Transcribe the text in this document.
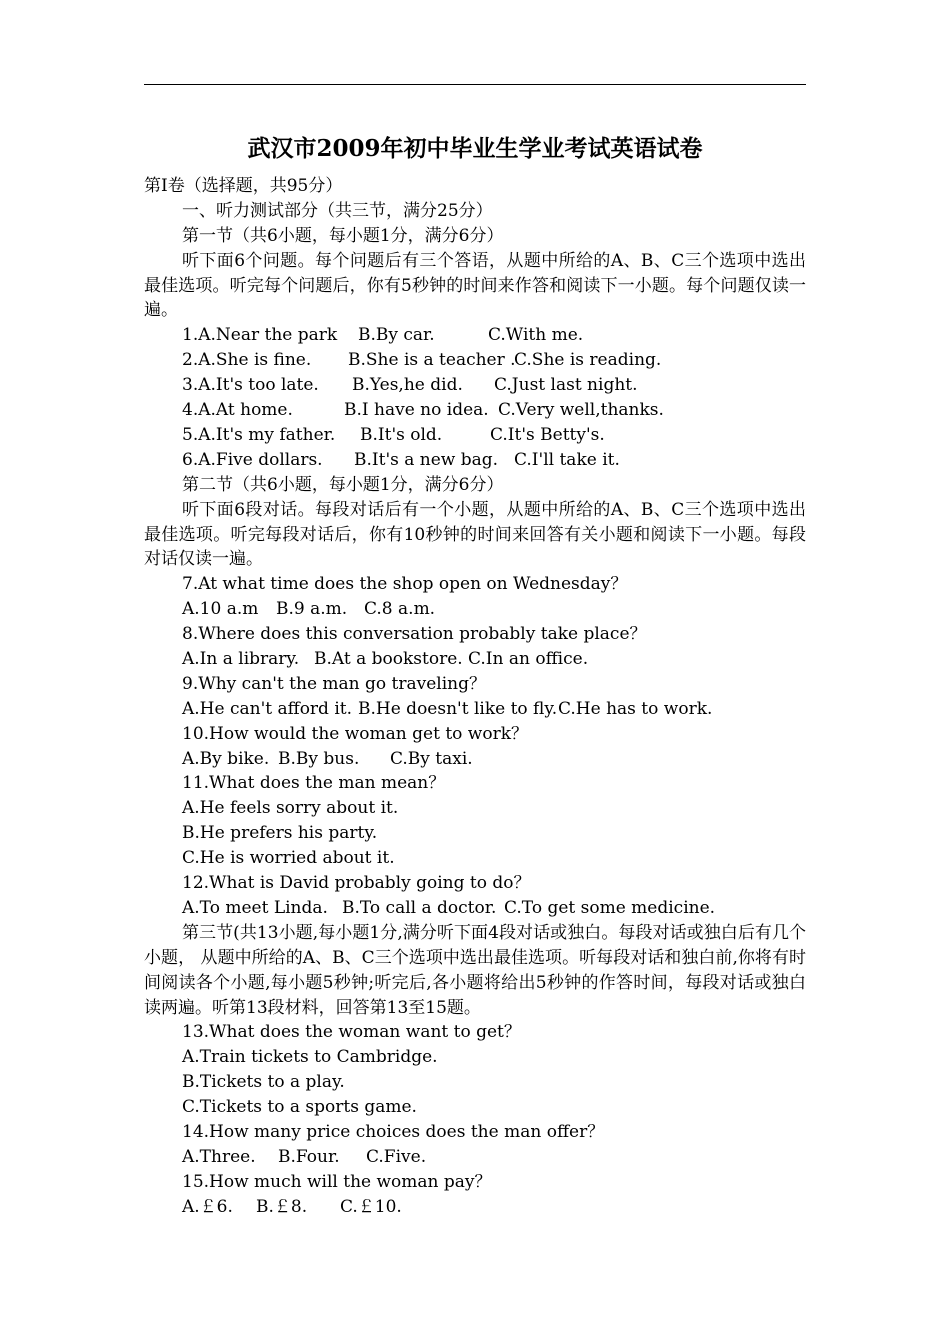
武汉市2009年初中毕业生学业考试英语试卷
第Ⅰ卷（选择题，共95分）
一、听力测试部分（共三节，满分25分）
第一节（共6小题，每小题1分，满分6分）
听下面6个问题。每个问题后有三个答语，从题中所给的A、B、C三个选项中选出最佳选项。听完每个问题后，你有5秒钟的时间来作答和阅读下一小题。每个问题仅读一遍。
1.A.Near the park B.By car.	C.With me.
2.A.She is fine. B.She is a teacher .C.She is reading.
3.A.It's too late. B.Yes,he did. C.Just last night.
4.A.At home.	B.I have no idea. C.Very well,thanks.
5.A.It's my father. B.It's old.	C.It's Betty's.
6.A.Five dollars. B.It's a new bag. C.I'll take it.
第二节（共6小题，每小题1分，满分6分）
听下面6段对话。每段对话后有一个小题，从题中所给的A、B、C三个选项中选出最佳选项。听完每段对话后，你有10秒钟的时间来回答有关小题和阅读下一小题。每段对话仅读一遍。
7.At what time does the shop open on Wednesday？
A.10 a.m B.9 a.m. C.8 a.m.
8.Where does this conversation probably take place？
A.In a library. B.At a bookstore. C.In an office.
9.Why can't the man go traveling？
A.He can't afford it. B.He doesn't like to fly.C.He has to work.
10.How would the woman get to work？
A.By bike. B.By bus. C.By taxi.
11.What does the man mean？
A.He feels sorry about it.
B.He prefers his party.
C.He is worried about it.
12.What is David probably going to do？
A.To meet Linda. B.To call a doctor. C.To get some medicine.
第三节(共13小题,每小题1分,满分听下面4段对话或独白。每段对话或独白后有几个小题， 从题中所给的A、B、C三个选项中选出最佳选项。听每段对话和独白前,你将有时间阅读各个小题,每小题5秒钟;听完后,各小题将给出5秒钟的作答时间，每段对话或独白读两遍。听第13段材料，回答第13至15题。
13.What does the woman want to get？
A.Train tickets to Cambridge.
B.Tickets to a play.
C.Tickets to a sports game.
14.How many price choices does the man offer？
A.Three. B.Four. C.Five.
15.How much will the woman pay？
A.￡6. B.￡8. C.￡10.
